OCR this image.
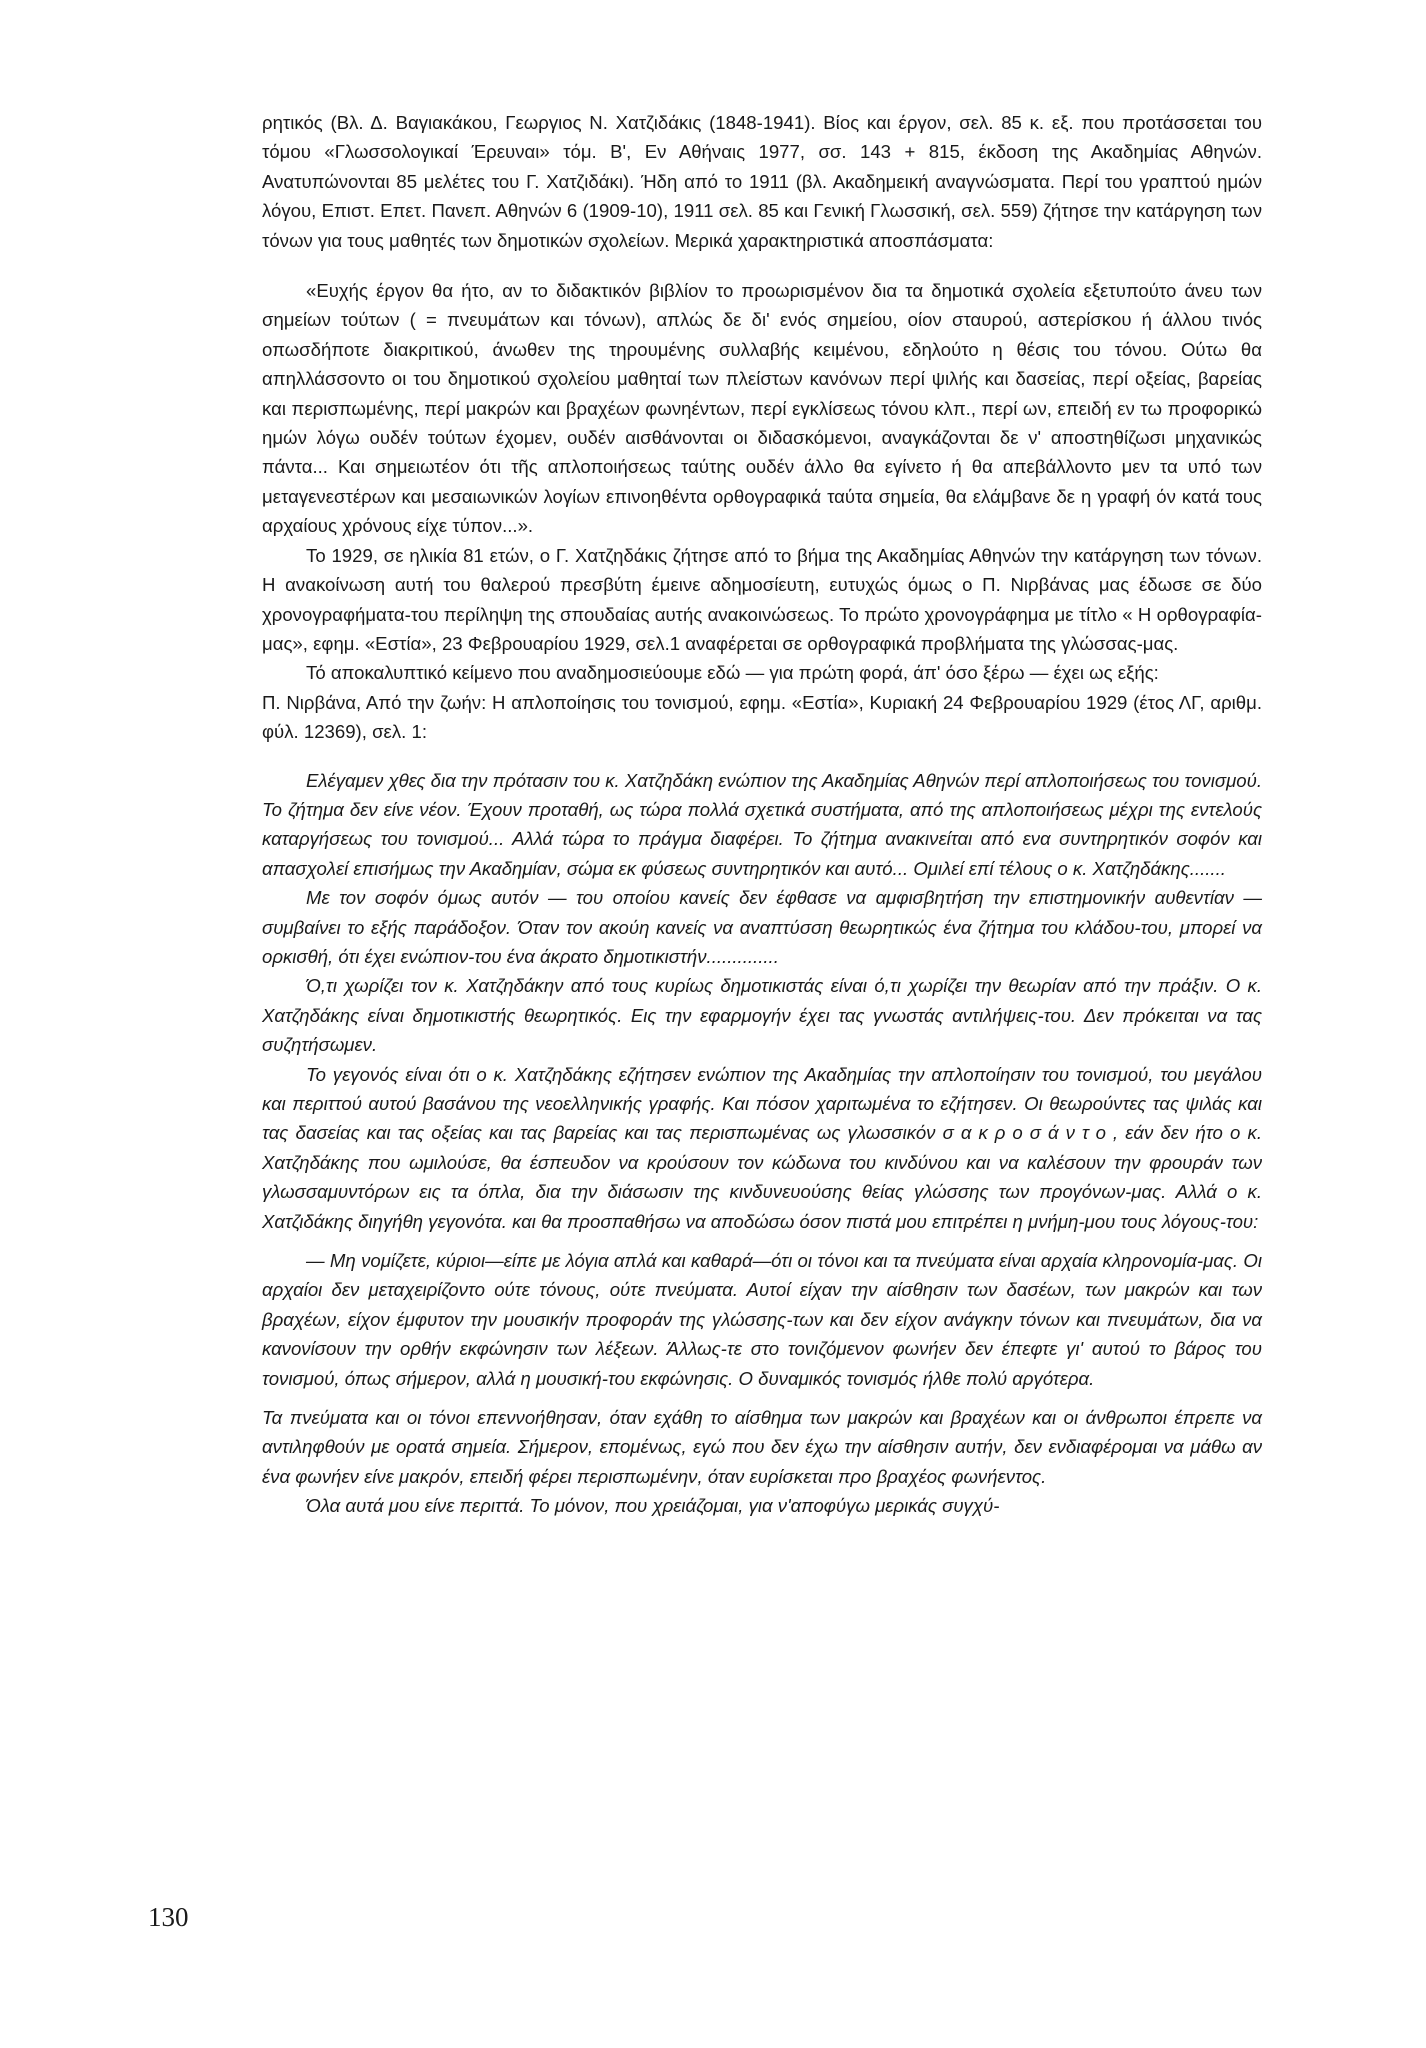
ρητικός (Βλ. Δ. Βαγιακάκου, Γεωργιος Ν. Χατζιδάκις (1848-1941). Βίος και έργον, σελ. 85 κ. εξ. που προτάσσεται του τόμου «Γλωσσολογικαί Έρευναι» τόμ. Β', Εν Αθήναις 1977, σσ. 143 + 815, έκδοση της Ακαδημίας Αθηνών. Ανατυπώνονται 85 μελέτες του Γ. Χατζιδάκι). Ήδη από το 1911 (βλ. Ακαδημεική αναγνώσματα. Περί του γραπτού ημών λόγου, Επιστ. Επετ. Πανεπ. Αθηνών 6 (1909-10), 1911 σελ. 85 και Γενική Γλωσσική, σελ. 559) ζήτησε την κατάργηση των τόνων για τους μαθητές των δημοτικών σχολείων. Μερικά χαρακτηριστικά αποσπάσματα:

«Ευχής έργον θα ήτο, αν το διδακτικόν βιβλίον το προωρισμένον δια τα δημοτικά σχολεία εξετυπούτο άνευ των σημείων τούτων ( = πνευμάτων και τόνων), απλώς δε δι' ενός σημείου, οίον σταυρού, αστερίσκου ή άλλου τινός οπωσδήποτε διακριτικού, άνωθεν της τηρουμένης συλλαβής κειμένου, εδηλούτο η θέσις του τόνου. Ούτω θα απηλλάσσοντο οι του δημοτικού σχολείου μαθηταί των πλείστων κανόνων περί ψιλής και δασείας, περί οξείας, βαρείας και περισπωμένης, περί μακρών και βραχέων φωνηέντων, περί εγκλίσεως τόνου κλπ., περί ων, επειδή εν τω προφορικώ ημών λόγω ουδέν τούτων έχομεν, ουδέν αισθάνονται οι διδασκόμενοι, αναγκάζονται δε ν' αποστηθίζωσι μηχανικώς πάντα... Και σημειωτέον ότι τῆς απλοποιήσεως ταύτης ουδέν άλλο θα εγίνετο ή θα απεβάλλοντο μεν τα υπό των μεταγενεστέρων και μεσαιωνικών λογίων επινοηθέντα ορθογραφικά ταύτα σημεία, θα ελάμβανε δε η γραφή όν κατά τους αρχαίους χρόνους είχε τύπον...».

Το 1929, σε ηλικία 81 ετών, ο Γ. Χατζηδάκις ζήτησε από το βήμα της Ακαδημίας Αθηνών την κατάργηση των τόνων. Η ανακοίνωση αυτή του θαλερού πρεσβύτη έμεινε αδημοσίευτη, ευτυχώς όμως ο Π. Νιρβάνας μας έδωσε σε δύο χρονογραφήματα-του περίληψη της σπουδαίας αυτής ανακοινώσεως. Το πρώτο χρονογράφημα με τίτλο « Η ορθογραφία-μας», εφημ. «Εστία», 23 Φεβρουαρίου 1929, σελ.1 αναφέρεται σε ορθογραφικά προβλήματα της γλώσσας-μας.

Τό αποκαλυπτικό κείμενο που αναδημοσιεύουμε εδώ — για πρώτη φορά, άπ' όσο ξέρω — έχει ως εξής:

Π. Νιρβάνα, Από την ζωήν: Η απλοποίησις του τονισμού, εφημ. «Εστία», Κυριακή 24 Φεβρουαρίου 1929 (έτος ΛΓ, αριθμ. φύλ. 12369), σελ. 1:

Ελέγαμεν χθες δια την πρότασιν του κ. Χατζηδάκη ενώπιον της Ακαδημίας Αθηνών περί απλοποιήσεως του τονισμού. Το ζήτημα δεν είνε νέον. Έχουν προταθή, ως τώρα πολλά σχετικά συστήματα, από της απλοποιήσεως μέχρι της εντελούς καταργήσεως του τονισμού... Αλλά τώρα το πράγμα διαφέρει. Το ζήτημα ανακινείται από ενα συντηρητικόν σοφόν και απασχολεί επισήμως την Ακαδημίαν, σώμα εκ φύσεως συντηρητικόν και αυτό... Ομιλεί επί τέλους ο κ. Χατζηδάκης.......

Με τον σοφόν όμως αυτόν — του οποίου κανείς δεν έφθασε να αμφισβητήση την επιστημονικήν αυθεντίαν — συμβαίνει το εξής παράδοξον. Όταν τον ακούη κανείς να αναπτύσση θεωρητικώς ένα ζήτημα του κλάδου-του, μπορεί να ορκισθή, ότι έχει ενώπιον-του ένα άκρατο δημοτικιστήν..............

Ό,τι χωρίζει τον κ. Χατζηδάκην από τους κυρίως δημοτικιστάς είναι ό,τι χωρίζει την θεωρίαν από την πράξιν. Ο κ. Χατζηδάκης είναι δημοτικιστής θεωρητικός. Εις την εφαρμογήν έχει τας γνωστάς αντιλήψεις-του. Δεν πρόκειται να τας συζητήσωμεν.

Το γεγονός είναι ότι ο κ. Χατζηδάκης εζήτησεν ενώπιον της Ακαδημίας την απλοποίησιν του τονισμού, του μεγάλου και περιττού αυτού βασάνου της νεοελληνικής γραφής. Και πόσον χαριτωμένα το εζήτησεν. Οι θεωρούντες τας ψιλάς και τας δασείας και τας οξείας και τας βαρείας και τας περισπωμένας ως γλωσσικόν σακροσάντο, εάν δεν ήτο ο κ. Χατζηδάκης που ωμιλούσε, θα έσπευδον να κρούσουν τον κώδωνα του κινδύνου και να καλέσουν την φρουράν των γλωσσαμυντόρων εις τα όπλα, δια την διάσωσιν της κινδυνευούσης θείας γλώσσης των προγόνων-μας. Αλλά ο κ. Χατζιδάκης διηγήθη γεγονότα. και θα προσπαθήσω να αποδώσω όσον πιστά μου επιτρέπει η μνήμη-μου τους λόγους-του:

— Μη νομίζετε, κύριοι—είπε με λόγια απλά και καθαρά—ότι οι τόνοι και τα πνεύματα είναι αρχαία κληρονομία-μας. Οι αρχαίοι δεν μεταχειρίζοντο ούτε τόνους, ούτε πνεύματα. Αυτοί είχαν την αίσθησιν των δασέων, των μακρών και των βραχέων, είχον έμφυτον την μουσικήν προφοράν της γλώσσης-των και δεν είχον ανάγκην τόνων και πνευμάτων, δια να κανονίσουν την ορθήν εκφώνησιν των λέξεων. Άλλως-τε στο τονιζόμενον φωνήεν δεν έπεφτε γι' αυτού το βάρος του τονισμού, όπως σήμερον, αλλά η μουσική-του εκφώνησις. Ο δυναμικός τονισμός ήλθε πολύ αργότερα.

Τα πνεύματα και οι τόνοι επεννοήθησαν, όταν εχάθη το αίσθημα των μακρών και βραχέων και οι άνθρωποι έπρεπε να αντιληφθούν με ορατά σημεία. Σήμερον, επομένως, εγώ που δεν έχω την αίσθησιν αυτήν, δεν ενδιαφέρομαι να μάθω αν ένα φωνήεν είνε μακρόν, επειδή φέρει περισπωμένην, όταν ευρίσκεται προ βραχέος φωνήεντος.

Όλα αυτά μου είνε περιττά. Το μόνον, που χρειάζομαι, για ν'αποφύγω μερικάς συγχύ-

130
